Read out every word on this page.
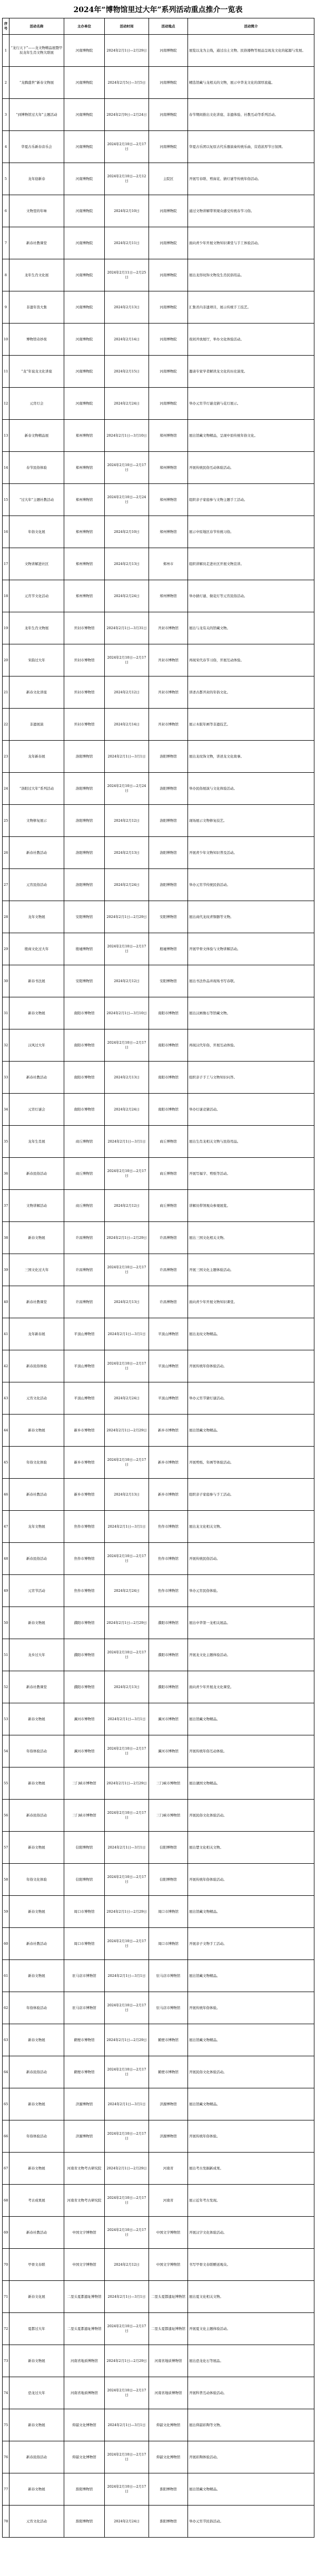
2024年“博物馆里过大年”系列活动重点推介一览表
序号	活动名称	主办单位	活动时间	活动地点	活动简介
1	“龙行天下”——龙文物精品展暨甲辰龙年生肖文物大联展	河南博物院	2024年2月1日—2月29日	河南博物院	展览以龙为主线，通过出土文物、民俗器物等展品呈现龙文化的起源与发展。
2	“龙腾盛世”新春文物展	河南博物院	2024年2月5日—3月5日	河南博物院	精选馆藏与龙相关的文物，展示中华龙文化的深厚底蕴。
3	“到博物馆过大年”主题活动	河南博物院	2024年2月9日—2月24日	河南博物院	春节期间推出文化讲座、非遗体验、社教互动等系列活动。
4	华夏古乐新春音乐会	河南博物院	2024年2月10日—2月17日	河南博物院	华夏古乐团以复原古代乐器演奏传统乐曲，营造浓厚节日氛围。
5	龙年迎新春	河南博物院	2024年2月10日—2月12日	主院区	开展写春联、剪窗花、猜灯谜等传统年俗活动。
6	文物里的年味	河南博物院	2024年2月10日	河南博物院	通过文物讲解带领观众感受传统春节习俗。
7	新春社教课堂	河南博物院	2024年2月11日	河南博物院	面向青少年开展文物知识课堂与手工体验活动。
8	龙年生肖文化展	河南博物院	2024年2月11日—2月25日	河南博物院	展出龙形纹饰文物及生肖民俗用品。
9	非遗年货大集	河南博物院	2024年2月13日	河南博物院	汇集省内非遗项目，展示传统手工技艺。
10	博物馆奇妙夜	河南博物院	2024年2月14日	河南博物院	夜间开放展厅，举办文化体验活动。
11	“龙”年说龙文化讲座	河南博物院	2024年2月15日	河南博物院	邀请专家学者解读龙文化的历史演变。
12	元宵灯会	河南博物院	2024年2月24日	河南博物院	举办元宵节灯谜竞猜与花灯展示。
13	新春文物精品展	郑州博物馆	2024年2月1日—3月10日	郑州博物馆	展出馆藏文物精品，呈现中原传统年俗文化。
14	春节民俗体验	郑州博物馆	2024年2月10日—2月17日	郑州博物馆	开展传统民俗互动体验活动。
15	“过大年”主题社教活动	郑州博物馆	2024年2月10日—2月24日	郑州博物馆	组织亲子家庭参与文物主题手工活动。
16	年俗文化展	郑州博物馆	2024年2月10日	郑州博物馆	展示中原地区春节传统习俗。
17	文物讲解进社区	郑州博物馆	2024年2月13日	郑州市	组织讲解员走进社区开展文物宣讲。
18	元宵节文化活动	郑州博物馆	2024年2月24日	郑州博物馆	举办猜灯谜、做花灯等元宵民俗活动。
19	龙年生肖文物展	开封市博物馆	2024年2月1日—3月31日	开封市博物馆	展出与龙有关的馆藏文物。
20	宋韵过大年	开封市博物馆	2024年2月10日—2月17日	开封市博物馆	再现宋代春节习俗，开展互动体验。
21	新春文化讲座	开封市博物馆	2024年2月12日	开封市博物馆	讲述古都开封的年俗文化。
22	非遗展演	开封市博物馆	2024年2月14日	开封市博物馆	展示木版年画等非遗技艺。
23	龙年新春展	洛阳博物馆	2024年2月1日—3月1日	洛阳博物馆	展出龙纹饰文物，讲述龙文化故事。
24	“洛阳过大年”系列活动	洛阳博物馆	2024年2月10日—2月24日	洛阳博物馆	举办民俗展演与文化体验活动。
25	文物修复展示	洛阳博物馆	2024年2月12日	洛阳博物馆	现场展示文物修复技艺。
26	新春社教活动	洛阳博物馆	2024年2月13日	洛阳博物馆	开展青少年文物知识普及活动。
27	元宵民俗活动	洛阳博物馆	2024年2月24日	洛阳博物馆	举办元宵节传统民俗活动。
28	龙年文物展	安阳博物馆	2024年2月1日—2月29日	安阳博物馆	展出商代龙纹青铜器等文物。
29	殷商文化过大年	殷墟博物馆	2024年2月10日—2月17日	殷墟博物馆	开展甲骨文体验与文物讲解活动。
30	新春书法展	安阳博物馆	2024年2月12日	安阳博物馆	展出书法作品并现场书写春联。
31	新春文物展	南阳市博物馆	2024年2月1日—3月10日	南阳市博物馆	展出汉画像石等馆藏文物。
32	汉风过大年	南阳市博物馆	2024年2月10日—2月17日	南阳市博物馆	再现汉代年俗，开展互动体验。
33	新春社教活动	南阳市博物馆	2024年2月13日	南阳市博物馆	组织亲子手工与文物知识问答。
34	元宵灯谜会	南阳市博物馆	2024年2月24日	南阳市博物馆	举办灯谜竞猜活动。
35	龙年生肖展	商丘博物馆	2024年2月1日—3月1日	商丘博物馆	展出生肖龙相关文物与民俗用品。
36	新春民俗活动	商丘博物馆	2024年2月10日—2月17日	商丘博物馆	开展写福字、剪纸等活动。
37	文物讲解活动	商丘博物馆	2024年2月12日	商丘博物馆	讲解员带领观众参观展览。
38	新春文物展	许昌博物馆	2024年2月1日—2月29日	许昌博物馆	展出三国文化相关文物。
39	三国文化过大年	许昌博物馆	2024年2月10日—2月17日	许昌博物馆	开展三国文化主题体验活动。
40	新春社教课堂	许昌博物馆	2024年2月13日	许昌博物馆	面向青少年开展文物知识课堂。
41	龙年新春展	平顶山博物馆	2024年2月1日—3月1日	平顶山博物馆	展出龙纹文物精品。
42	新春民俗体验	平顶山博物馆	2024年2月10日—2月17日	平顶山博物馆	开展传统年俗体验活动。
43	元宵文化活动	平顶山博物馆	2024年2月24日	平顶山博物馆	举办元宵节猜灯谜活动。
44	新春文物展	新乡市博物馆	2024年2月1日—2月29日	新乡市博物馆	展出馆藏文物精品。
45	年俗文化体验	新乡市博物馆	2024年2月10日—2月17日	新乡市博物馆	开展剪纸、年画等体验活动。
46	新春社教活动	新乡市博物馆	2024年2月13日	新乡市博物馆	组织亲子家庭参与手工活动。
47	龙年文物展	焦作市博物馆	2024年2月1日—3月1日	焦作市博物馆	展出龙文化相关文物。
48	新春民俗活动	焦作市博物馆	2024年2月10日—2月17日	焦作市博物馆	开展传统民俗活动。
49	元宵节活动	焦作市博物馆	2024年2月24日	焦作市博物馆	举办元宵民俗体验。
50	新春文物展	濮阳市博物馆	2024年2月1日—2月29日	濮阳市博物馆	展出中华第一龙相关展品。
51	龙乡过大年	濮阳市博物馆	2024年2月10日—2月17日	濮阳市博物馆	开展龙文化主题体验活动。
52	新春社教课堂	濮阳市博物馆	2024年2月13日	濮阳市博物馆	面向青少年开展龙文化课堂。
53	新春文物展	漯河市博物馆	2024年2月1日—3月1日	漯河市博物馆	展出馆藏文物精品。
54	年俗体验活动	漯河市博物馆	2024年2月10日—2月17日	漯河市博物馆	开展传统年俗互动体验。
55	新春文物展	三门峡市博物馆	2024年2月1日—2月29日	三门峡市博物馆	展出虢国文物精品。
56	新春民俗活动	三门峡市博物馆	2024年2月10日—2月17日	三门峡市博物馆	开展民俗文化体验活动。
57	新春文物展	信阳博物馆	2024年2月1日—3月1日	信阳博物馆	展出楚文化相关文物。
58	年俗文化体验	信阳博物馆	2024年2月10日—2月17日	信阳博物馆	开展传统年俗体验活动。
59	新春文物展	周口市博物馆	2024年2月1日—2月29日	周口市博物馆	展出馆藏文物精品。
60	新春社教活动	周口市博物馆	2024年2月10日—2月17日	周口市博物馆	开展亲子文物手工活动。
61	新春文物展	驻马店市博物馆	2024年2月1日—3月1日	驻马店市博物馆	展出馆藏文物精品。
62	年俗体验活动	驻马店市博物馆	2024年2月10日—2月17日	驻马店市博物馆	开展传统年俗体验。
63	新春文物展	鹤壁市博物馆	2024年2月1日—2月29日	鹤壁市博物馆	展出馆藏文物精品。
64	新春民俗活动	鹤壁市博物馆	2024年2月10日—2月17日	鹤壁市博物馆	开展民俗文化体验活动。
65	新春文物展	济源博物馆	2024年2月1日—3月1日	济源博物馆	展出馆藏文物精品。
66	年俗体验活动	济源博物馆	2024年2月10日—2月17日	济源博物馆	开展传统年俗体验。
67	新春文物展	河南省文物考古研究院	2024年2月1日—2月29日	河南省	展出考古发掘新成果。
68	考古成果展	河南省文物考古研究院	2024年2月10日—2月17日	河南省	展示近年考古发现。
69	新春社教活动	中国文字博物馆	2024年2月10日—2月17日	中国文字博物馆	开展汉字文化体验活动。
70	甲骨文春联	中国文字博物馆	2024年2月12日	中国文字博物馆	书写甲骨文春联赠送观众。
71	新春文化展	二里头夏都遗址博物馆	2024年2月1日—3月1日	二里头夏都遗址博物馆	展出夏文化相关文物。
72	夏都过大年	二里头夏都遗址博物馆	2024年2月10日—2月17日	二里头夏都遗址博物馆	开展夏文化主题体验活动。
73	新春文物展	河南省地质博物馆	2024年2月1日—2月29日	河南省地质博物馆	展出恐龙化石等展品。
74	恐龙过大年	河南省地质博物馆	2024年2月10日—2月17日	河南省地质博物馆	开展科普互动体验活动。
75	新春文物展	仰韶文化博物馆	2024年2月1日—3月1日	仰韶文化博物馆	展出仰韶彩陶等文物。
76	新春民俗活动	仰韶文化博物馆	2024年2月10日—2月17日	仰韶文化博物馆	开展彩陶体验活动。
77	新春文物展	淮阳博物馆	2024年2月10日—2月17日	淮阳博物馆	展出馆藏文物精品。
78	元宵文化活动	淮阳博物馆	2024年2月24日	淮阳博物馆	举办元宵节民俗活动。
